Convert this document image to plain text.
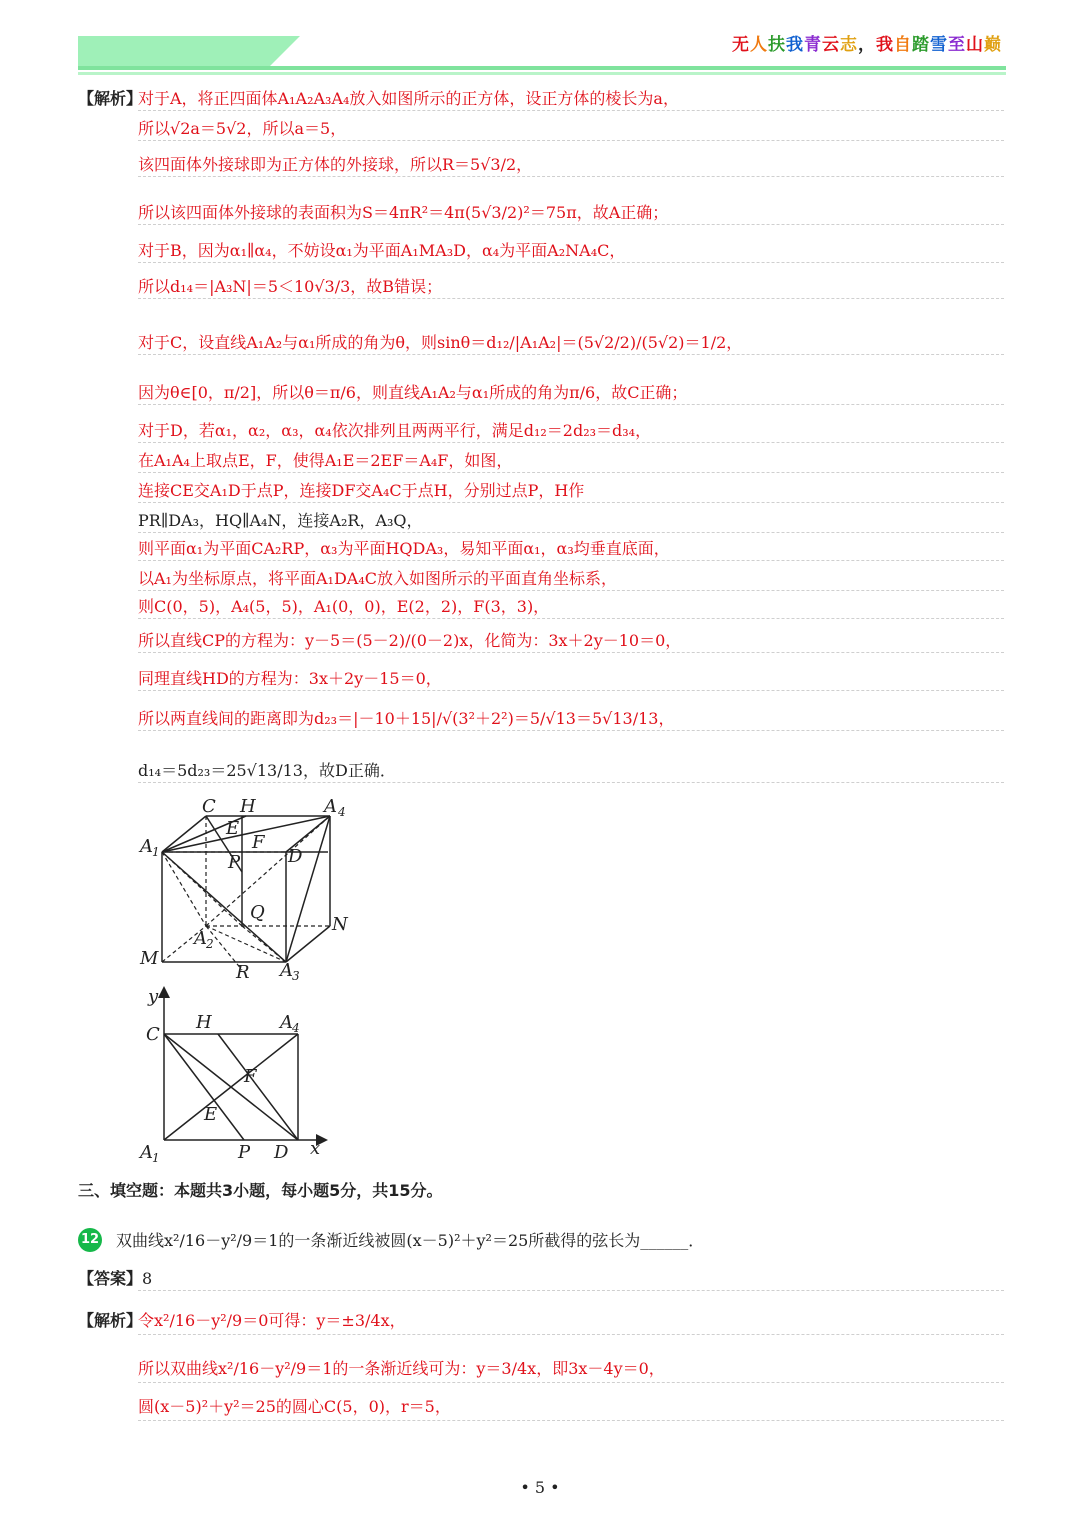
无人扶我青云志，我自踏雪至山巅
【解析】
对于A，将正四面体A₁A₂A₃A₄放入如图所示的正方体，设正方体的棱长为a，
所以√2a＝5√2，所以a＝5，
该四面体外接球即为正方体的外接球，所以R＝5√3/2，
所以该四面体外接球的表面积为S＝4πR²＝4π(5√3/2)²＝75π，故A正确；
对于B，因为α₁∥α₄，不妨设α₁为平面A₁MA₃D，α₄为平面A₂NA₄C，
所以d₁₄＝|A₃N|＝5＜10√3/3，故B错误；
对于C，设直线A₁A₂与α₁所成的角为θ，则sinθ＝d₁₂/|A₁A₂|＝(5√2/2)/(5√2)＝1/2，
因为θ∈[0，π/2]，所以θ＝π/6，则直线A₁A₂与α₁所成的角为π/6，故C正确；
对于D，若α₁，α₂，α₃，α₄依次排列且两两平行，满足d₁₂＝2d₂₃＝d₃₄，
在A₁A₄上取点E，F，使得A₁E＝2EF＝A₄F，如图，
连接CE交A₁D于点P，连接DF交A₄C于点H，分别过点P，H作
PR∥DA₃，HQ∥A₄N，连接A₂R，A₃Q，
则平面α₁为平面CA₂RP，α₃为平面HQDA₃，易知平面α₁，α₃均垂直底面，
以A₁为坐标原点，将平面A₁DA₄C放入如图所示的平面直角坐标系，
则C(0，5)，A₄(5，5)，A₁(0，0)，E(2，2)，F(3，3)，
所以直线CP的方程为：y－5＝(5－2)/(0－2)x，化简为：3x＋2y－10＝0，
同理直线HD的方程为：3x＋2y－15＝0，
所以两直线间的距离即为d₂₃＝|－10＋15|/√(3²＋2²)＝5/√13＝5√13/13，
d₁₄＝5d₂₃＝25√13/13，故D正确．
C H	A 4
A 1
E
F
P	D
Q
N
A 2
M
R A 3
y
C
H	A 4
F
E
A 1	P D x
三、填空题：本题共3小题，每小题5分，共15分。
12 双曲线x²/16－y²/9＝1的一条渐近线被圆(x－5)²＋y²＝25所截得的弦长为______．
【答案】8
【解析】
令x²/16－y²/9＝0可得：y＝±3/4x，
所以双曲线x²/16－y²/9＝1的一条渐近线可为：y＝3/4x，即3x－4y＝0，
圆(x－5)²＋y²＝25的圆心C(5，0)，r＝5，
• 5 •
